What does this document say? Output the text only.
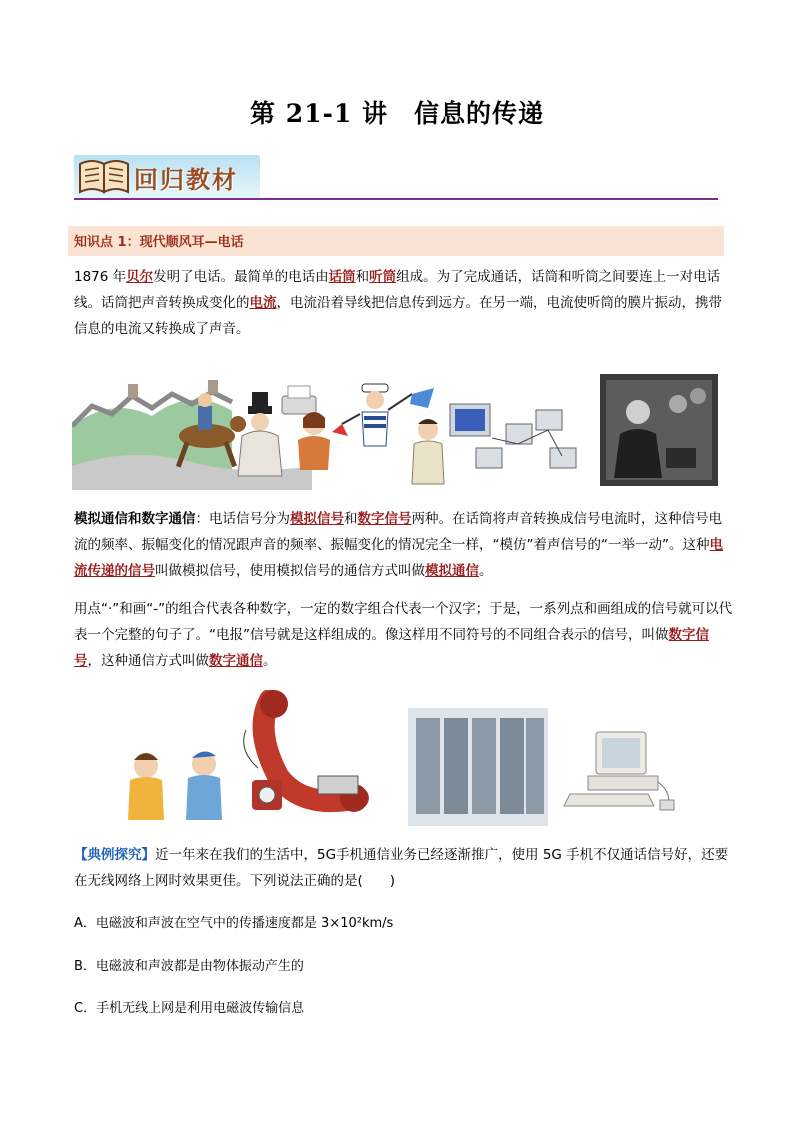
第 21-1 讲　信息的传递
回归教材
知识点 1：现代顺风耳—电话
1876 年贝尔发明了电话。最简单的电话由话筒和听筒组成。为了完成通话，话筒和听筒之间要连上一对电话线。话筒把声音转换成变化的电流，电流沿着导线把信息传到远方。在另一端，电流使听筒的膜片振动，携带信息的电流又转换成了声音。
模拟通信和数字通信：电话信号分为模拟信号和数字信号两种。在话筒将声音转换成信号电流时，这种信号电流的频率、振幅变化的情况跟声音的频率、振幅变化的情况完全一样，“模仿”着声信号的“一举一动”。这种电流传递的信号叫做模拟信号，使用模拟信号的通信方式叫做模拟通信。
用点“·”和画“-”的组合代表各种数字，一定的数字组合代表一个汉字；于是，一系列点和画组成的信号就可以代表一个完整的句子了。“电报”信号就是这样组成的。像这样用不同符号的不同组合表示的信号，叫做数字信号，这种通信方式叫做数字通信。
【典例探究】近一年来在我们的生活中，5G手机通信业务已经逐渐推广，使用 5G 手机不仅通话信号好，还要在无线网络上网时效果更佳。下列说法正确的是(　　)
A．电磁波和声波在空气中的传播速度都是 3×10²km/s
B．电磁波和声波都是由物体振动产生的
C．手机无线上网是利用电磁波传输信息
